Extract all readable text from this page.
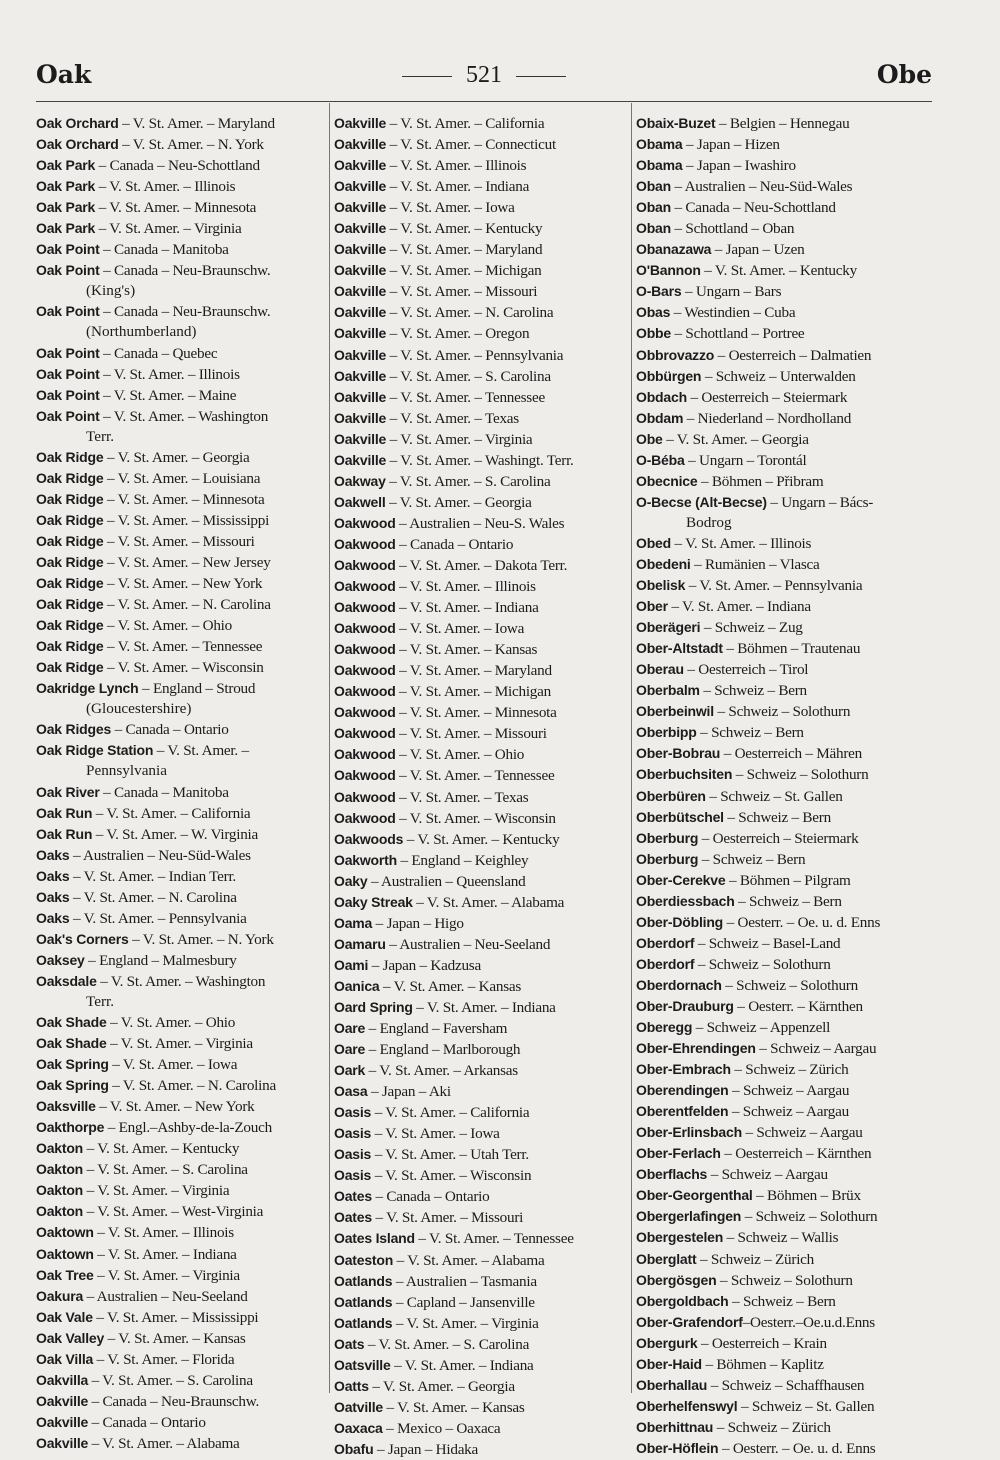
Oak	521	Obe
Oak Orchard – V. St. Amer. – Maryland
Oak Orchard – V. St. Amer. – N. York
Oak Park – Canada – Neu-Schottland
Oak Park – V. St. Amer. – Illinois
Oak Park – V. St. Amer. – Minnesota
Oak Park – V. St. Amer. – Virginia
Oak Point – Canada – Manitoba
Oak Point – Canada – Neu-Braunschw.
(King's)
Oak Point – Canada – Neu-Braunschw.
(Northumberland)
Oak Point – Canada – Quebec
Oak Point – V. St. Amer. – Illinois
Oak Point – V. St. Amer. – Maine
Oak Point – V. St. Amer. – Washington
Terr.
Oak Ridge – V. St. Amer. – Georgia
Oak Ridge – V. St. Amer. – Louisiana
Oak Ridge – V. St. Amer. – Minnesota
Oak Ridge – V. St. Amer. – Mississippi
Oak Ridge – V. St. Amer. – Missouri
Oak Ridge – V. St. Amer. – New Jersey
Oak Ridge – V. St. Amer. – New York
Oak Ridge – V. St. Amer. – N. Carolina
Oak Ridge – V. St. Amer. – Ohio
Oak Ridge – V. St. Amer. – Tennessee
Oak Ridge – V. St. Amer. – Wisconsin
Oakridge Lynch – England – Stroud
(Gloucestershire)
Oak Ridges – Canada – Ontario
Oak Ridge Station – V. St. Amer. –
Pennsylvania
Oak River – Canada – Manitoba
Oak Run – V. St. Amer. – California
Oak Run – V. St. Amer. – W. Virginia
Oaks – Australien – Neu-Süd-Wales
Oaks – V. St. Amer. – Indian Terr.
Oaks – V. St. Amer. – N. Carolina
Oaks – V. St. Amer. – Pennsylvania
Oak's Corners – V. St. Amer. – N. York
Oaksey – England – Malmesbury
Oaksdale – V. St. Amer. – Washington
Terr.
Oak Shade – V. St. Amer. – Ohio
Oak Shade – V. St. Amer. – Virginia
Oak Spring – V. St. Amer. – Iowa
Oak Spring – V. St. Amer. – N. Carolina
Oaksville – V. St. Amer. – New York
Oakthorpe – Engl.–Ashby-de-la-Zouch
Oakton – V. St. Amer. – Kentucky
Oakton – V. St. Amer. – S. Carolina
Oakton – V. St. Amer. – Virginia
Oakton – V. St. Amer. – West-Virginia
Oaktown – V. St. Amer. – Illinois
Oaktown – V. St. Amer. – Indiana
Oak Tree – V. St. Amer. – Virginia
Oakura – Australien – Neu-Seeland
Oak Vale – V. St. Amer. – Mississippi
Oak Valley – V. St. Amer. – Kansas
Oak Villa – V. St. Amer. – Florida
Oakvilla – V. St. Amer. – S. Carolina
Oakville – Canada – Neu-Braunschw.
Oakville – Canada – Ontario
Oakville – V. St. Amer. – Alabama
Oakville – V. St. Amer. – California
Oakville – V. St. Amer. – Connecticut
Oakville – V. St. Amer. – Illinois
Oakville – V. St. Amer. – Indiana
Oakville – V. St. Amer. – Iowa
Oakville – V. St. Amer. – Kentucky
Oakville – V. St. Amer. – Maryland
Oakville – V. St. Amer. – Michigan
Oakville – V. St. Amer. – Missouri
Oakville – V. St. Amer. – N. Carolina
Oakville – V. St. Amer. – Oregon
Oakville – V. St. Amer. – Pennsylvania
Oakville – V. St. Amer. – S. Carolina
Oakville – V. St. Amer. – Tennessee
Oakville – V. St. Amer. – Texas
Oakville – V. St. Amer. – Virginia
Oakville – V. St. Amer. – Washingt. Terr.
Oakway – V. St. Amer. – S. Carolina
Oakwell – V. St. Amer. – Georgia
Oakwood – Australien – Neu-S. Wales
Oakwood – Canada – Ontario
Oakwood – V. St. Amer. – Dakota Terr.
Oakwood – V. St. Amer. – Illinois
Oakwood – V. St. Amer. – Indiana
Oakwood – V. St. Amer. – Iowa
Oakwood – V. St. Amer. – Kansas
Oakwood – V. St. Amer. – Maryland
Oakwood – V. St. Amer. – Michigan
Oakwood – V. St. Amer. – Minnesota
Oakwood – V. St. Amer. – Missouri
Oakwood – V. St. Amer. – Ohio
Oakwood – V. St. Amer. – Tennessee
Oakwood – V. St. Amer. – Texas
Oakwood – V. St. Amer. – Wisconsin
Oakwoods – V. St. Amer. – Kentucky
Oakworth – England – Keighley
Oaky – Australien – Queensland
Oaky Streak – V. St. Amer. – Alabama
Oama – Japan – Higo
Oamaru – Australien – Neu-Seeland
Oami – Japan – Kadzusa
Oanica – V. St. Amer. – Kansas
Oard Spring – V. St. Amer. – Indiana
Oare – England – Faversham
Oare – England – Marlborough
Oark – V. St. Amer. – Arkansas
Oasa – Japan – Aki
Oasis – V. St. Amer. – California
Oasis – V. St. Amer. – Iowa
Oasis – V. St. Amer. – Utah Terr.
Oasis – V. St. Amer. – Wisconsin
Oates – Canada – Ontario
Oates – V. St. Amer. – Missouri
Oates Island – V. St. Amer. – Tennessee
Oateston – V. St. Amer. – Alabama
Oatlands – Australien – Tasmania
Oatlands – Capland – Jansenville
Oatlands – V. St. Amer. – Virginia
Oats – V. St. Amer. – S. Carolina
Oatsville – V. St. Amer. – Indiana
Oatts – V. St. Amer. – Georgia
Oatville – V. St. Amer. – Kansas
Oaxaca – Mexico – Oaxaca
Obafu – Japan – Hidaka
Obaix-Buzet – Belgien – Hennegau
Obama – Japan – Hizen
Obama – Japan – Iwashiro
Oban – Australien – Neu-Süd-Wales
Oban – Canada – Neu-Schottland
Oban – Schottland – Oban
Obanazawa – Japan – Uzen
O'Bannon – V. St. Amer. – Kentucky
O-Bars – Ungarn – Bars
Obas – Westindien – Cuba
Obbe – Schottland – Portree
Obbrovazzo – Oesterreich – Dalmatien
Obbürgen – Schweiz – Unterwalden
Obdach – Oesterreich – Steiermark
Obdam – Niederland – Nordholland
Obe – V. St. Amer. – Georgia
O-Béba – Ungarn – Torontál
Obecnice – Böhmen – Přibram
O-Becse (Alt-Becse) – Ungarn – Bács-
Bodrog
Obed – V. St. Amer. – Illinois
Obedeni – Rumänien – Vlasca
Obelisk – V. St. Amer. – Pennsylvania
Ober – V. St. Amer. – Indiana
Oberägeri – Schweiz – Zug
Ober-Altstadt – Böhmen – Trautenau
Oberau – Oesterreich – Tirol
Oberbalm – Schweiz – Bern
Oberbeinwil – Schweiz – Solothurn
Oberbipp – Schweiz – Bern
Ober-Bobrau – Oesterreich – Mähren
Oberbuchsiten – Schweiz – Solothurn
Oberbüren – Schweiz – St. Gallen
Oberbütschel – Schweiz – Bern
Oberburg – Oesterreich – Steiermark
Oberburg – Schweiz – Bern
Ober-Cerekve – Böhmen – Pilgram
Oberdiessbach – Schweiz – Bern
Ober-Döbling – Oesterr. – Oe. u. d. Enns
Oberdorf – Schweiz – Basel-Land
Oberdorf – Schweiz – Solothurn
Oberdornach – Schweiz – Solothurn
Ober-Drauburg – Oesterr. – Kärnthen
Oberegg – Schweiz – Appenzell
Ober-Ehrendingen – Schweiz – Aargau
Ober-Embrach – Schweiz – Zürich
Oberendingen – Schweiz – Aargau
Oberentfelden – Schweiz – Aargau
Ober-Erlinsbach – Schweiz – Aargau
Ober-Ferlach – Oesterreich – Kärnthen
Oberflachs – Schweiz – Aargau
Ober-Georgenthal – Böhmen – Brüx
Obergerlafingen – Schweiz – Solothurn
Obergestelen – Schweiz – Wallis
Oberglatt – Schweiz – Zürich
Obergösgen – Schweiz – Solothurn
Obergoldbach – Schweiz – Bern
Ober-Grafendorf–Oesterr.–Oe.u.d.Enns
Obergurk – Oesterreich – Krain
Ober-Haid – Böhmen – Kaplitz
Oberhallau – Schweiz – Schaffhausen
Oberhelfenswyl – Schweiz – St. Gallen
Oberhittnau – Schweiz – Zürich
Ober-Höflein – Oesterr. – Oe. u. d. Enns
